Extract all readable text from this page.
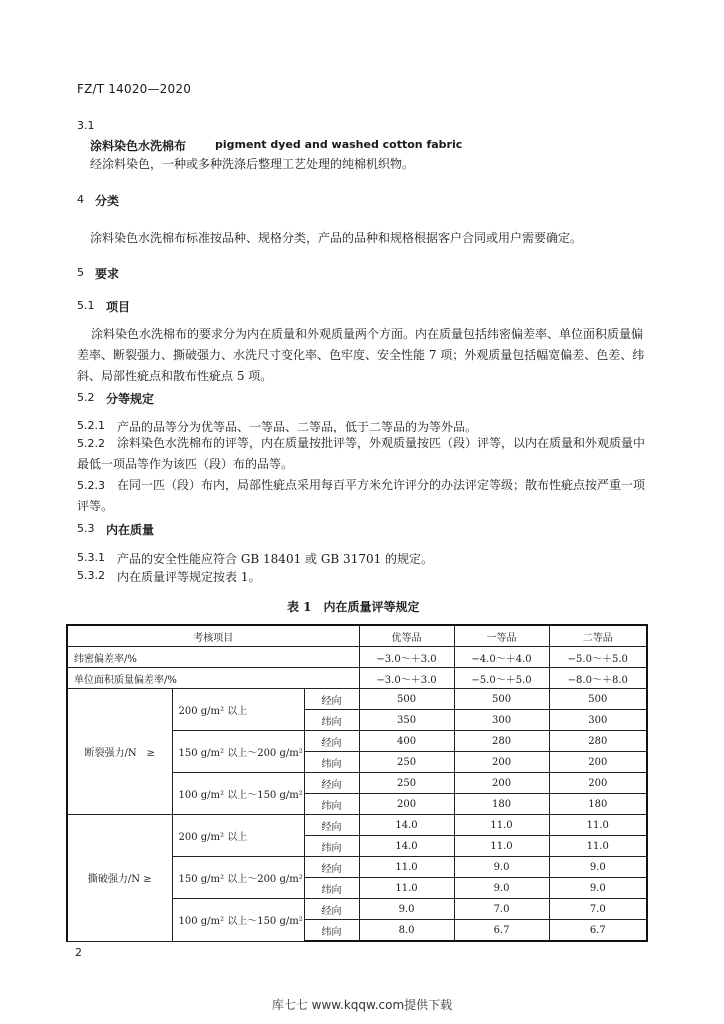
FZ/T 14020—2020
3.1
涂料染色水洗棉布	pigment dyed and washed cotton fabric
经涂料染色，一种或多种洗涤后整理工艺处理的纯棉机织物。
4 分类
涂料染色水洗棉布标准按品种、规格分类，产品的品种和规格根据客户合同或用户需要确定。
5 要求
5.1 项目
涂料染色水洗棉布的要求分为内在质量和外观质量两个方面。内在质量包括纬密偏差率、单位面积质量偏差率、断裂强力、撕破强力、水洗尺寸变化率、色牢度、安全性能 7 项；外观质量包括幅宽偏差、色差、纬斜、局部性疵点和散布性疵点 5 项。
5.2 分等规定
5.2.1 产品的品等分为优等品、一等品、二等品，低于二等品的为等外品。
5.2.2	涂料染色水洗棉布的评等，内在质量按批评等，外观质量按匹（段）评等，以内在质量和外观质量中最低一项品等作为该匹（段）布的品等。
5.2.3	在同一匹（段）布内，局部性疵点采用每百平方米允许评分的办法评定等级；散布性疵点按严重一项评等。
5.3 内在质量
5.3.1 产品的安全性能应符合 GB 18401 或 GB 31701 的规定。
5.3.2 内在质量评等规定按表 1。
表 1　内在质量评等规定
考核项目			优等品	一等品	二等品
纬密偏差率/%			−3.0～＋3.0	−4.0～＋4.0	−5.0～＋5.0
单位面积质量偏差率/%			−3.0～＋3.0	−5.0～＋5.0	−8.0～＋8.0
断裂强力/N　≥	200 g/m² 以上	经向	500	500	500
		纬向	350	300	300
	150 g/m² 以上～200 g/m²	经向	400	280	280
		纬向	250	200	200
	100 g/m² 以上～150 g/m²	经向	250	200	200
		纬向	200	180	180
撕破强力/N ≥	200 g/m² 以上	经向	14.0	11.0	11.0
		纬向	14.0	11.0	11.0
	150 g/m² 以上～200 g/m²	经向	11.0	9.0	9.0
		纬向	11.0	9.0	9.0
	100 g/m² 以上～150 g/m²	经向	9.0	7.0	7.0
		纬向	8.0	6.7	6.7
2
库七七 www.kqqw.com提供下载
